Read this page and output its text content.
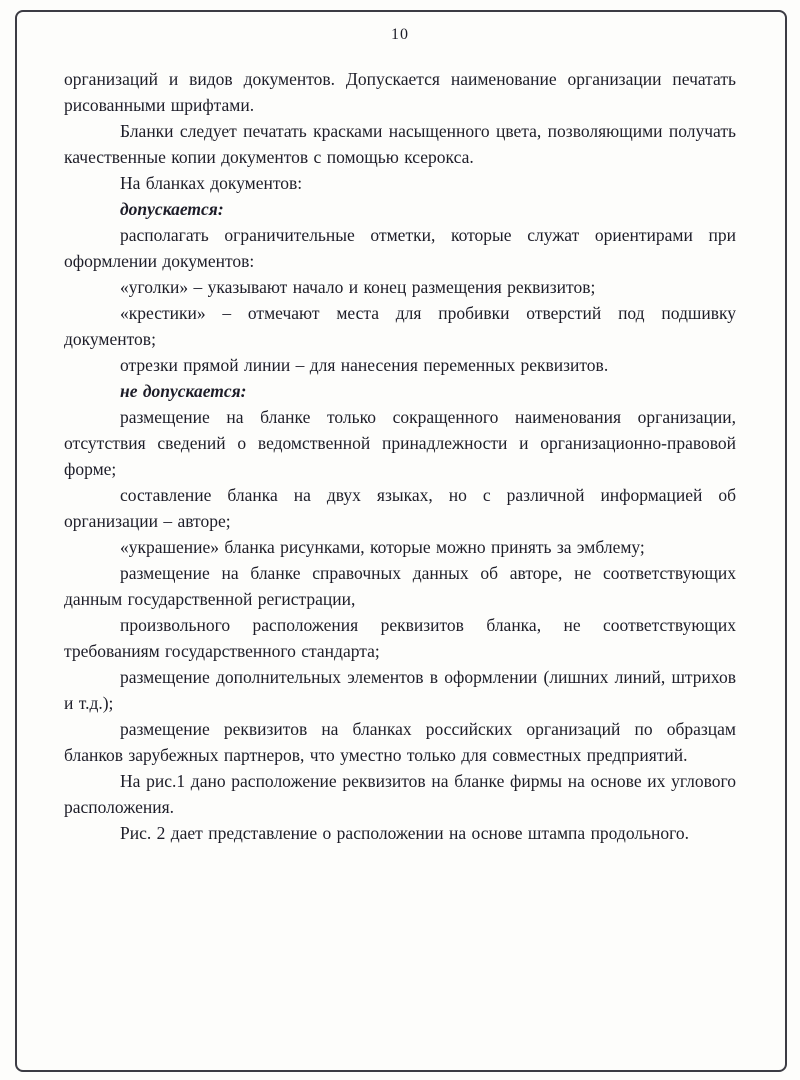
10

организаций и видов документов. Допускается наименование организации печатать рисованными шрифтами.

Бланки следует печатать красками насыщенного цвета, позволяющими получать качественные копии документов с помощью ксерокса.

На бланках документов:

допускается:

располагать ограничительные отметки, которые служат ориентирами при оформлении документов:

«уголки» – указывают начало и конец размещения реквизитов;

«крестики» – отмечают места для пробивки отверстий под подшивку документов;

отрезки прямой линии – для нанесения переменных реквизитов.

не допускается:

размещение на бланке только сокращенного наименования организации, отсутствия сведений о ведомственной принадлежности и организационно-правовой форме;

составление бланка на двух языках, но с различной информацией об организации – авторе;

«украшение» бланка рисунками, которые можно принять за эмблему;

размещение на бланке справочных данных об авторе, не соответствующих данным государственной регистрации,

произвольного расположения реквизитов бланка, не соответствующих требованиям государственного стандарта;

размещение дополнительных элементов в оформлении (лишних линий, штрихов и т.д.);

размещение реквизитов на бланках российских организаций по образцам бланков зарубежных партнеров, что уместно только для совместных предприятий.

На рис.1 дано расположение реквизитов на бланке фирмы на основе их углового расположения.

Рис. 2 дает представление о расположении на основе штампа продольного.
